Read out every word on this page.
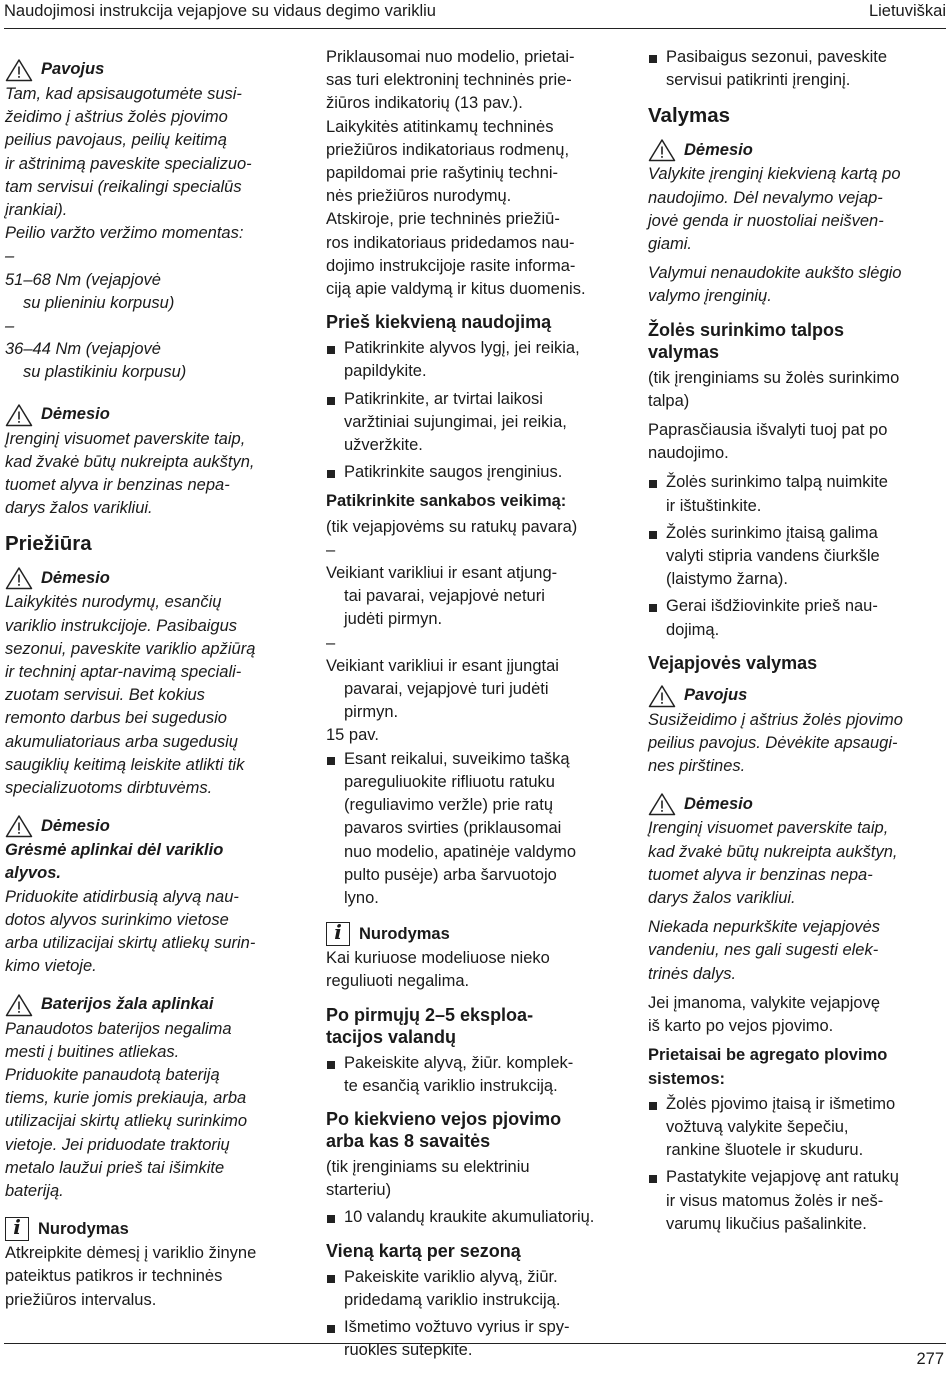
Naudojimosi instrukcija vejapjove su vidaus degimo varikliu	Lietuviškai
Pavojus
Tam, kad apsisaugotumėte susi-
žeidimo į aštrius žolės pjovimo
peilius pavojaus, peilių keitimą
ir aštrinimą paveskite specializuo-
tam servisui (reikalingi specialūs
įrankiai).
Peilio varžto veržimo momentas:
– 51–68 Nm (vejapjovė
su plieniniu korpusu)
– 36–44 Nm (vejapjovė
su plastikiniu korpusu)
Dėmesio
Įrenginį visuomet paverskite taip,
kad žvakė būtų nukreipta aukštyn,
tuomet alyva ir benzinas nepa-
darys žalos varikliui.
Priežiūra
Dėmesio
Laikykitės nurodymų, esančių
variklio instrukcijoje. Pasibaigus
sezonui, paveskite variklio apžiūrą
ir techninį aptar-navimą speciali-
zuotam servisui. Bet kokius
remonto darbus bei sugedusio
akumuliatoriaus arba sugedusių
saugiklių keitimą leiskite atlikti tik
specializuotoms dirbtuvėms.
Dėmesio
Grėsmė aplinkai dėl variklio
alyvos.
Priduokite atidirbusią alyvą nau-
dotos alyvos surinkimo vietose
arba utilizacijai skirtų atliekų surin-
kimo vietoje.
Baterijos žala aplinkai
Panaudotos baterijos negalima
mesti į buitines atliekas.
Priduokite panaudotą bateriją
tiems, kurie jomis prekiauja, arba
utilizacijai skirtų atliekų surinkimo
vietoje. Jei priduodate traktorių
metalo laužui prieš tai išimkite
bateriją.
i
Nurodymas
Atkreipkite dėmesį į variklio žinyne
pateiktus patikros ir techninės
priežiūros intervalus.
Priklausomai nuo modelio, prietai-
sas turi elektroninį techninės prie-
žiūros indikatorių (13 pav.).
Laikykitės atitinkamų techninės
priežiūros indikatoriaus rodmenų,
papildomai prie rašytinių techni-
nės priežiūros nurodymų.
Atskiroje, prie techninės priežiū-
ros indikatoriaus pridedamos nau-
dojimo instrukcijoje rasite informa-
ciją apie valdymą ir kitus duomenis.
Prieš kiekvieną naudojimą
Patikrinkite alyvos lygį, jei reikia,
papildykite.
Patikrinkite, ar tvirtai laikosi
varžtiniai sujungimai, jei reikia,
užveržkite.
Patikrinkite saugos įrenginius.
Patikrinkite sankabos veikimą:
(tik vejapjovėms su ratukų pavara)
– Veikiant varikliui ir esant atjung-
tai pavarai, vejapjovė neturi
judėti pirmyn.
– Veikiant varikliui ir esant įjungtai
pavarai, vejapjovė turi judėti
pirmyn.
15 pav.
Esant reikalui, suveikimo tašką
pareguliuokite rifliuotu ratuku
(reguliavimo veržle) prie ratų
pavaros svirties (priklausomai
nuo modelio, apatinėje valdymo
pulto pusėje) arba šarvuotojo
lyno.
i
Nurodymas
Kai kuriuose modeliuose nieko
reguliuoti negalima.
Po pirmųjų 2–5 eksploa-
tacijos valandų
Pakeiskite alyvą, žiūr. komplek-
te esančią variklio instrukciją.
Po kiekvieno vejos pjovimo
arba kas 8 savaitės
(tik įrenginiams su elektriniu
starteriu)
10 valandų kraukite akumuliatorių.
Vieną kartą per sezoną
Pakeiskite variklio alyvą, žiūr.
pridedamą variklio instrukciją.
Išmetimo vožtuvo vyrius ir spy-
ruokles sutepkite.
Pasibaigus sezonui, paveskite
servisui patikrinti įrenginį.
Valymas
Dėmesio
Valykite įrenginį kiekvieną kartą po
naudojimo. Dėl nevalymo vejap-
jovė genda ir nuostoliai neišven-
giami.
Valymui nenaudokite aukšto slėgio
valymo įrenginių.
Žolės surinkimo talpos
valymas
(tik įrenginiams su žolės surinkimo
talpa)
Paprasčiausia išvalyti tuoj pat po
naudojimo.
Žolės surinkimo talpą nuimkite
ir ištuštinkite.
Žolės surinkimo įtaisą galima
valyti stipria vandens čiurkšle
(laistymo žarna).
Gerai išdžiovinkite prieš nau-
dojimą.
Vejapjovės valymas
Pavojus
Susižeidimo į aštrius žolės pjovimo
peilius pavojus. Dėvėkite apsaugi-
nes pirštines.
Dėmesio
Įrenginį visuomet paverskite taip,
kad žvakė būtų nukreipta aukštyn,
tuomet alyva ir benzinas nepa-
darys žalos varikliui.
Niekada nepurkškite vejapjovės
vandeniu, nes gali sugesti elek-
trinės dalys.
Jei įmanoma, valykite vejapjovę
iš karto po vejos pjovimo.
Prietaisai be agregato plovimo
sistemos:
Žolės pjovimo įtaisą ir išmetimo
vožtuvą valykite šepečiu,
rankine šluotele ir skuduru.
Pastatykite vejapjovę ant ratukų
ir visus matomus žolės ir neš-
varumų likučius pašalinkite.
277
